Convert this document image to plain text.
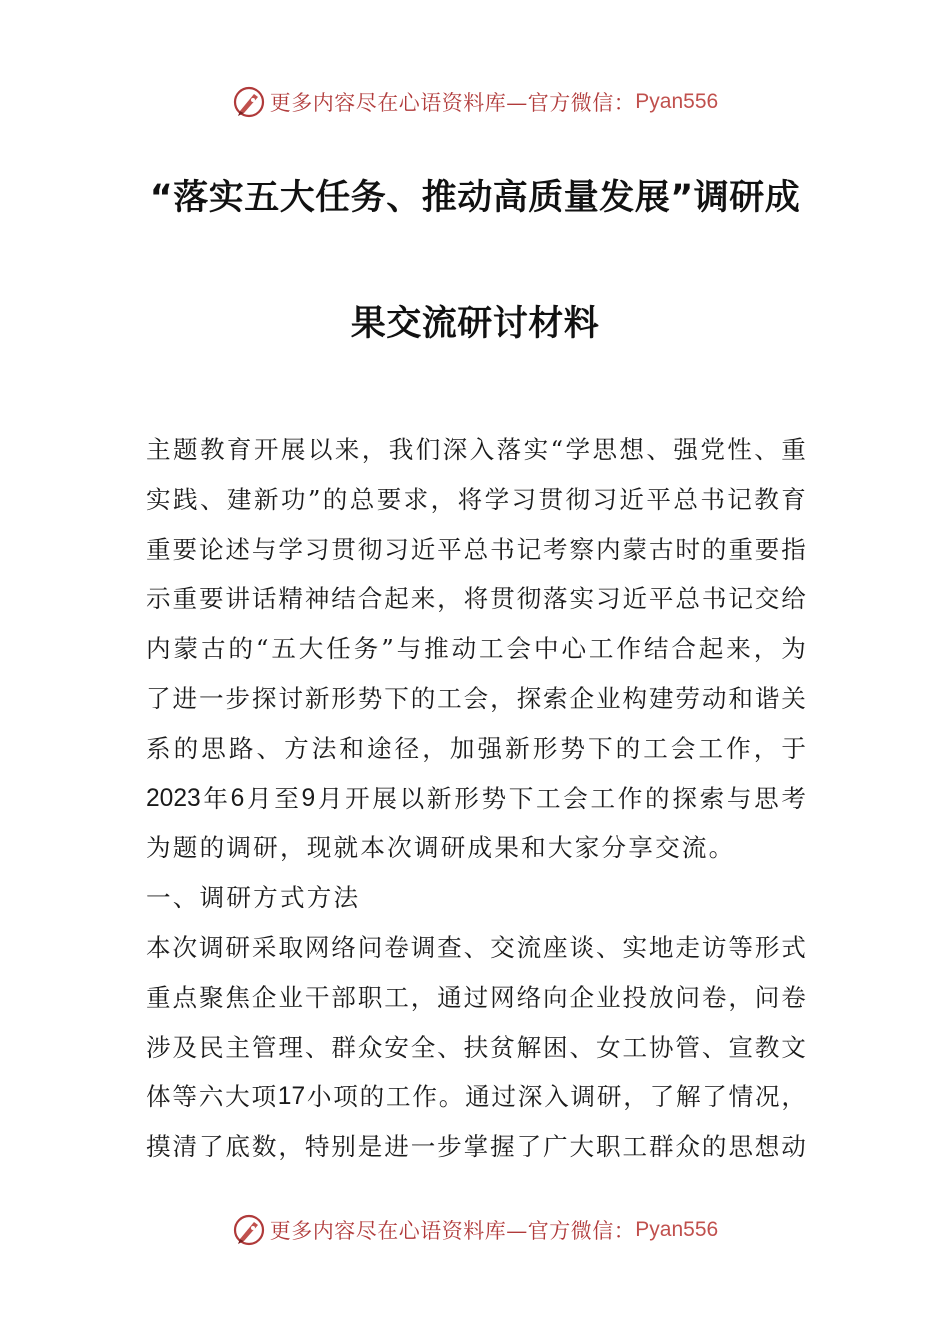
更多内容尽在心语资料库—官方微信： Pyan556
“落实五大任务、推动高质量发展”调研成
果交流研讨材料
主 题 教 育 开 展 以 来 ， 我 们 深 入 落 实 “ 学 思 想 、 强 党 性 、 重
实 践 、 建 新 功 ” 的 总 要 求 ， 将 学 习 贯 彻 习 近 平 总 书 记 教 育
重 要 论 述 与 学 习 贯 彻 习 近 平 总 书 记 考 察 内 蒙 古 时 的 重 要 指
示 重 要 讲 话 精 神 结 合 起 来 ， 将 贯 彻 落 实 习 近 平 总 书 记 交 给
内 蒙 古 的 “ 五 大 任 务 ” 与 推 动 工 会 中 心 工 作 结 合 起 来 ， 为
了 进 一 步 探 讨 新 形 势 下 的 工 会 ， 探 索 企 业 构 建 劳 动 和 谐 关
系 的 思 路 、 方 法 和 途 径 ， 加 强 新 形 势 下 的 工 会 工 作 ， 于
2023 年 6 月 至 9 月 开 展 以 新 形 势 下 工 会 工 作 的 探 索 与 思 考
为题的调研，现就本次调研成果和大家分享交流。
一、调研方式方法
本 次 调 研 采 取 网 络 问 卷 调 查 、 交 流 座 谈 、 实 地 走 访 等 形 式
重 点 聚 焦 企 业 干 部 职 工 ， 通 过 网 络 向 企 业 投 放 问 卷 ， 问 卷
涉 及 民 主 管 理 、 群 众 安 全 、 扶 贫 解 困 、 女 工 协 管 、 宣 教 文
体 等 六 大 项 17 小 项 的 工 作 。 通 过 深 入 调 研 ， 了 解 了 情 况 ，
摸 清 了 底 数 ， 特 别 是 进 一 步 掌 握 了 广 大 职 工 群 众 的 思 想 动
更多内容尽在心语资料库—官方微信： Pyan556
